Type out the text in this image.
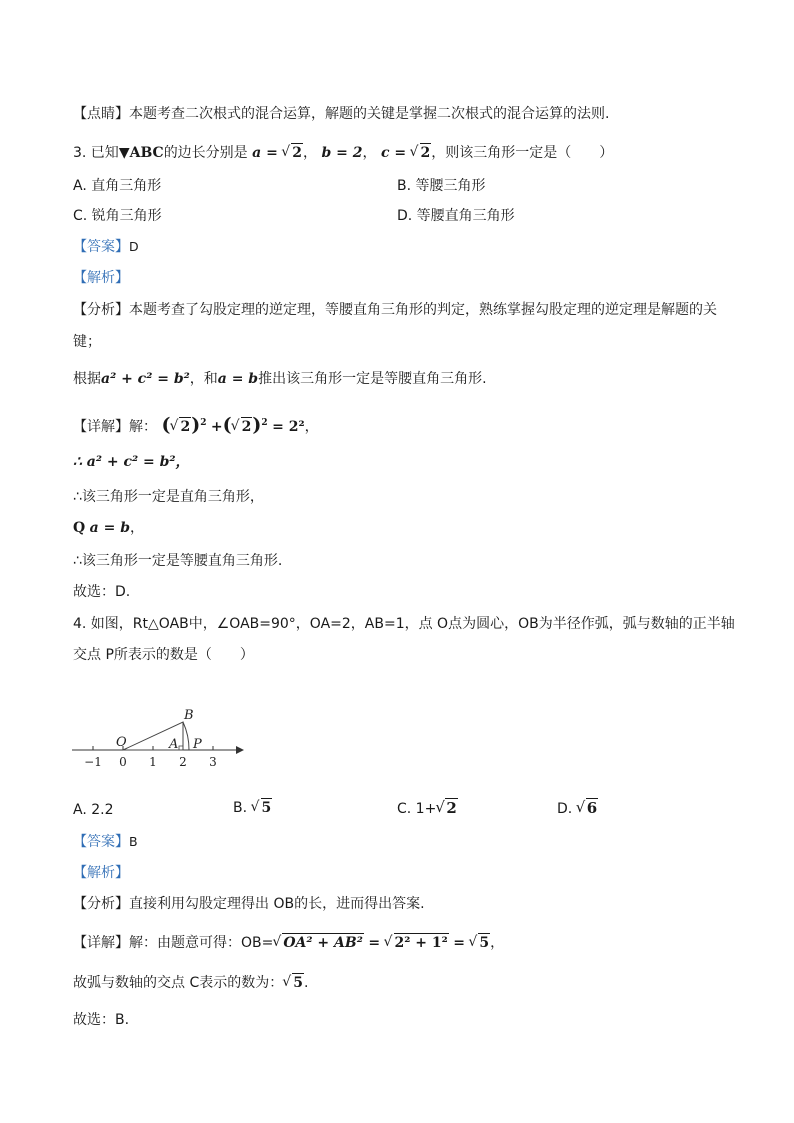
【点睛】本题考查二次根式的混合运算，解题的关键是掌握二次根式的混合运算的法则.
3. 已知▼ABC的边长分别是 a = √ 2， b = 2， c = √ 2，则该三角形一定是（　　）
A. 直角三角形	B. 等腰三角形
C. 锐角三角形	D. 等腰直角三角形
【答案】D
【解析】
【分析】本题考查了勾股定理的逆定理，等腰直角三角形的判定，熟练掌握勾股定理的逆定理是解题的关
键；
根据a² + c² = b²，和a = b推出该三角形一定是等腰直角三角形.
【详解】解： ( √ 2)$^2$ +( √ 2)$^2$ = 2²，
∴ a² + c² = b²，
∴该三角形一定是直角三角形，
Q a = b，
∴该三角形一定是等腰直角三角形.
故选：D.
4. 如图，Rt△OAB中，∠OAB=90°，OA=2，AB=1，点 O点为圆心，OB为半径作弧，弧与数轴的正半轴
交点 P所表示的数是（　　）
B
O	A P
−1 0 1 2 3
A. 2.2	B. √ 5	C. 1+ √ 2	D. √ 6
【答案】B
【解析】
【分析】直接利用勾股定理得出 OB的长，进而得出答案.
【详解】解：由题意可得：OB= √ OA² + AB² = √ 2² + 1² = √ 5，
故弧与数轴的交点 C表示的数为： √ 5.
故选：B.
